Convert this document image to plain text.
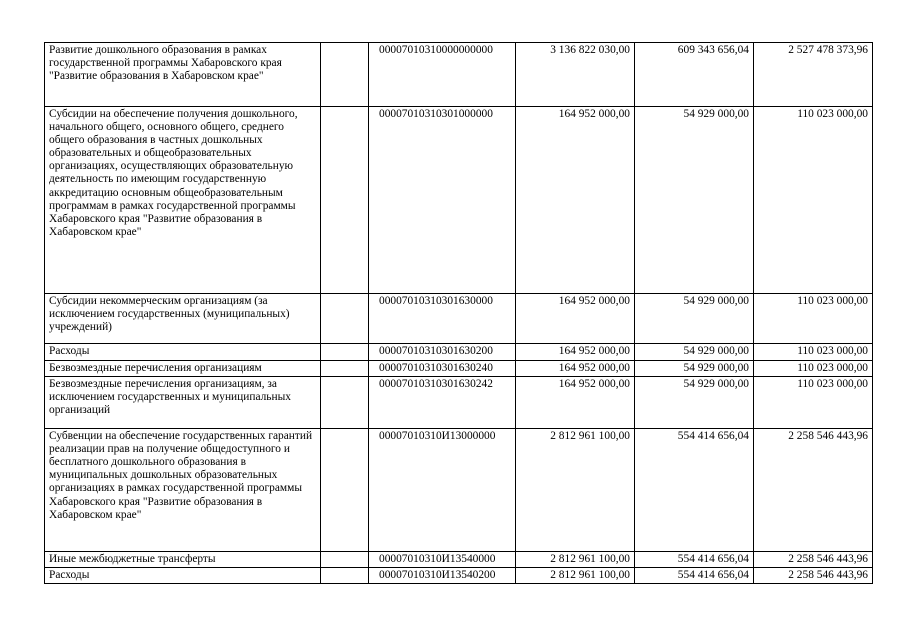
Развитие дошкольного образования в рамках государственной программы Хабаровского края "Развитие образования в Хабаровском крае"		00007010310000000000	3 136 822 030,00	609 343 656,04	2 527 478 373,96
Субсидии на обеспечение получения дошкольного, начального общего, основного общего, среднего общего образования в частных дошкольных образовательных и общеобразовательных организациях, осуществляющих образовательную деятельность по имеющим государственную аккредитацию основным общеобразовательным программам в рамках государственной программы Хабаровского края "Развитие образования в Хабаровском крае"		00007010310301000000	164 952 000,00	54 929 000,00	110 023 000,00
Субсидии некоммерческим организациям (за исключением государственных (муниципальных) учреждений)		00007010310301630000	164 952 000,00	54 929 000,00	110 023 000,00
Расходы		00007010310301630200	164 952 000,00	54 929 000,00	110 023 000,00
Безвозмездные перечисления организациям		00007010310301630240	164 952 000,00	54 929 000,00	110 023 000,00
Безвозмездные перечисления организациям, за исключением государственных и муниципальных организаций		00007010310301630242	164 952 000,00	54 929 000,00	110 023 000,00
Субвенции на обеспечение государственных гарантий реализации прав на получение общедоступного и бесплатного дошкольного образования в муниципальных дошкольных образовательных организациях в рамках государственной программы Хабаровского края "Развитие образования в Хабаровском крае"		00007010310И13000000	2 812 961 100,00	554 414 656,04	2 258 546 443,96
Иные межбюджетные трансферты		00007010310И13540000	2 812 961 100,00	554 414 656,04	2 258 546 443,96
Расходы		00007010310И13540200	2 812 961 100,00	554 414 656,04	2 258 546 443,96
